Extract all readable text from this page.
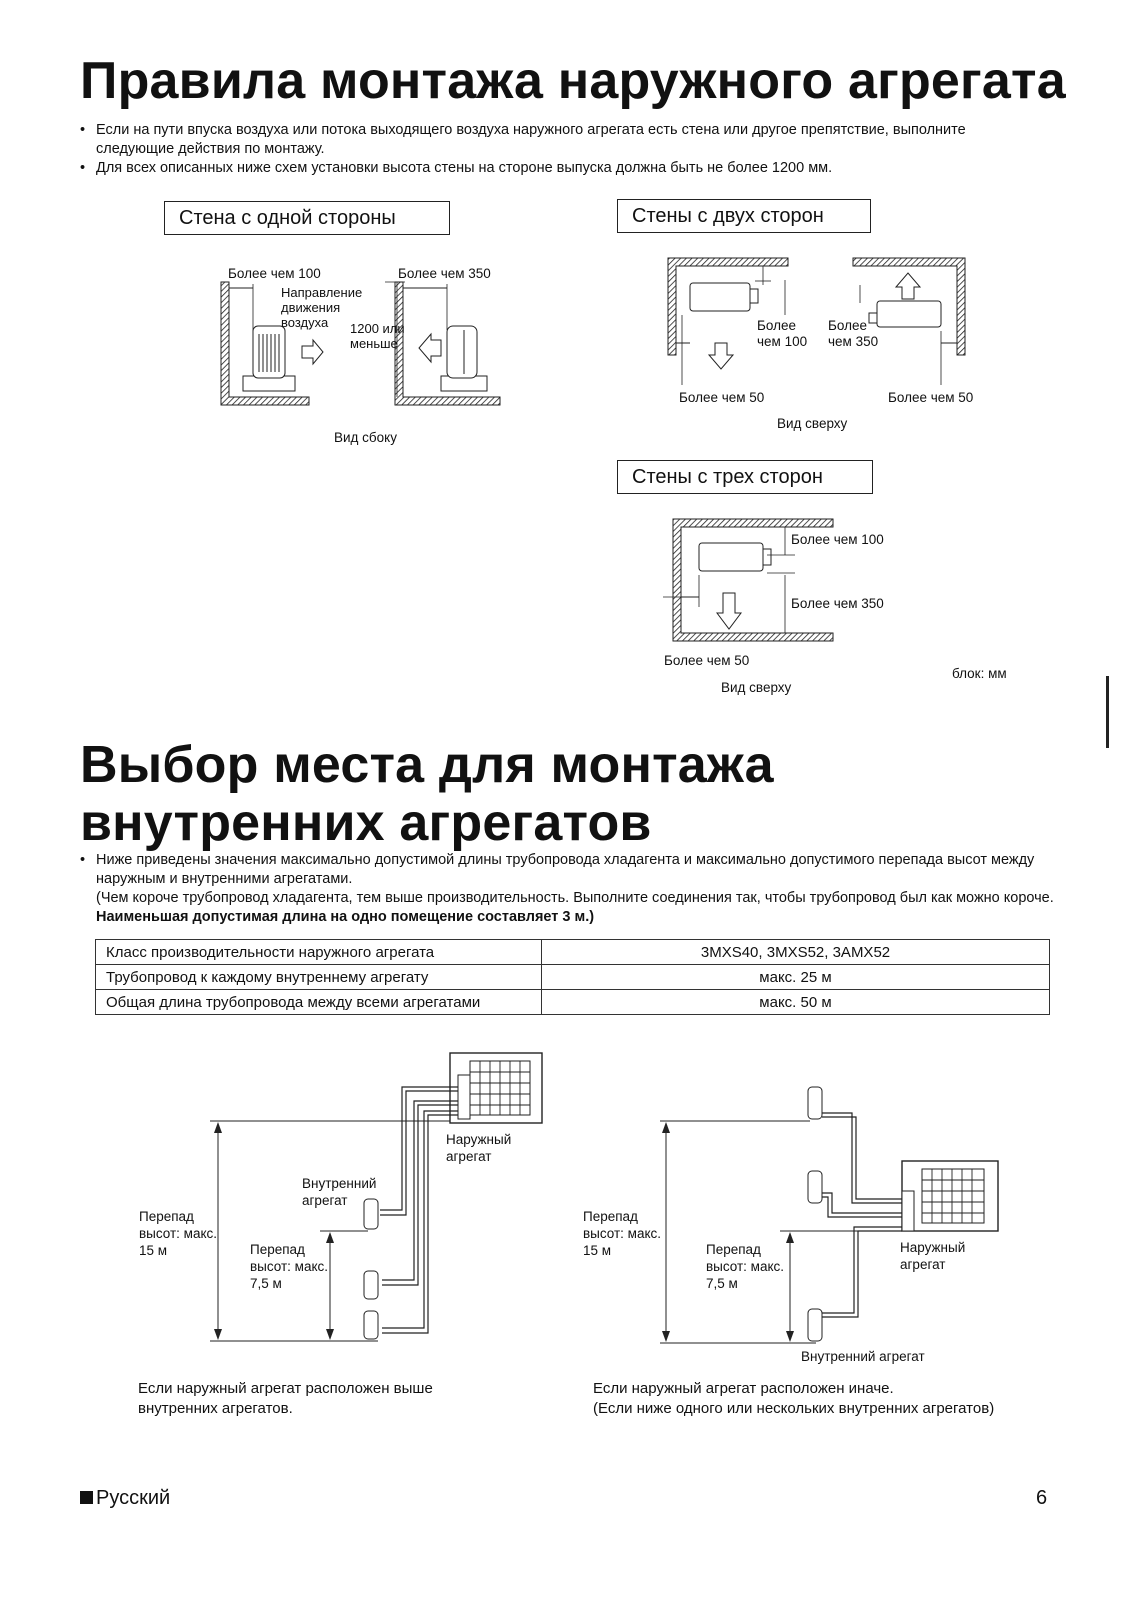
Правила монтажа наружного агрегата
• Если на пути впуска воздуха или потока выходящего воздуха наружного агрегата есть стена или другое препятствие, выполните следующие действия по монтажу.
• Для всех описанных ниже схем установки высота стены на стороне выпуска должна быть не более 1200 мм.
Стена с одной стороны
Более чем 100	Более чем 350
Направление движения воздуха	1200 или меньше
Вид сбоку
Стены с двух сторон
Более чем 100
Более чем 350
Более чем 50	Более чем 50
Вид сверху
Стены с трех сторон
Более чем 100
Более чем 350
Более чем 50
Вид сверху
блок: мм
Выбор места для монтажа
внутренних агрегатов
• Ниже приведены значения максимально допустимой длины трубопровода хладагента и максимально допустимого перепада высот между наружным и внутренними агрегатами.
(Чем короче трубопровод хладагента, тем выше производительность. Выполните соединения так, чтобы трубопровод был как можно короче. Наименьшая допустимая длина на одно помещение составляет 3 м.)
Класс производительности наружного агрегата	3MXS40, 3MXS52, 3AMX52
Трубопровод к каждому внутреннему агрегату	макс. 25 м
Общая длина трубопровода между всеми агрегатами	макс. 50 м
Наружный агрегат
Внутренний агрегат
Перепад высот: макс. 15 м	Перепад высот: макс. 7,5 м
Если наружный агрегат расположен выше
внутренних агрегатов.
Наружный агрегат
Внутренний агрегат
Перепад высот: макс. 15 м	Перепад высот: макс. 7,5 м
Если наружный агрегат расположен иначе.
(Если ниже одного или нескольких внутренних агрегатов)
Русский	6
